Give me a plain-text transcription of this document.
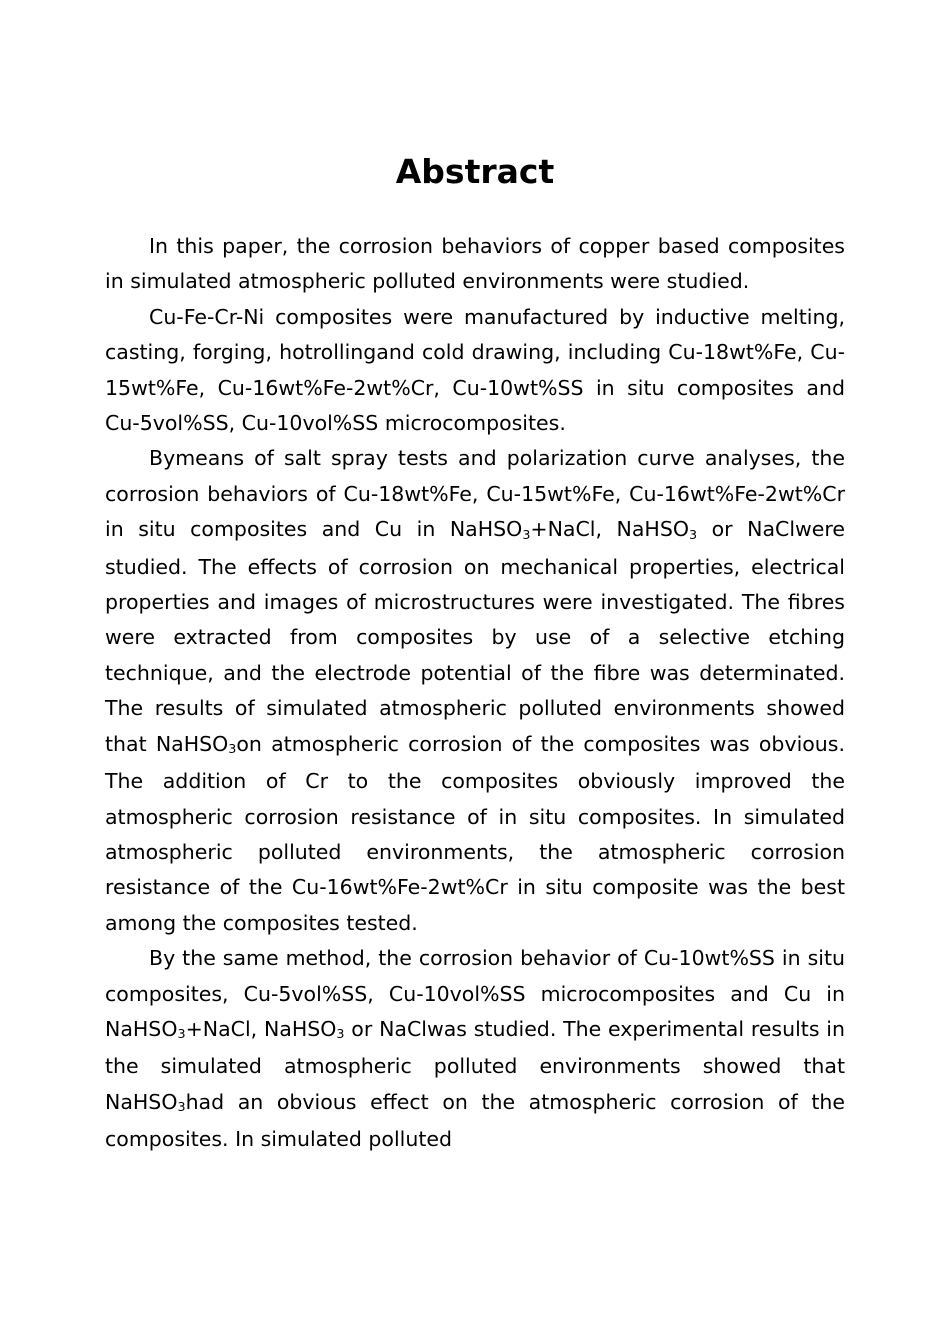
Abstract

In this paper, the corrosion behaviors of copper based composites in simulated atmospheric polluted environments were studied.

Cu-Fe-Cr-Ni composites were manufactured by inductive melting, casting, forging, hotrollingand cold drawing, including Cu-18wt%Fe, Cu-15wt%Fe, Cu-16wt%Fe-2wt%Cr, Cu-10wt%SS in situ composites and Cu-5vol%SS, Cu-10vol%SS microcomposites.

Bymeans of salt spray tests and polarization curve analyses, the corrosion behaviors of Cu-18wt%Fe, Cu-15wt%Fe, Cu-16wt%Fe-2wt%Cr in situ composites and Cu in NaHSO3+NaCl, NaHSO3 or NaClwere studied. The effects of corrosion on mechanical properties, electrical properties and images of microstructures were investigated. The fibres were extracted from composites by use of a selective etching technique, and the electrode potential of the fibre was determinated. The results of simulated atmospheric polluted environments showed that NaHSO3on atmospheric corrosion of the composites was obvious. The addition of Cr to the composites obviously improved the atmospheric corrosion resistance of in situ composites. In simulated atmospheric polluted environments, the atmospheric corrosion resistance of the Cu-16wt%Fe-2wt%Cr in situ composite was the best among the composites tested.

By the same method, the corrosion behavior of Cu-10wt%SS in situ composites, Cu-5vol%SS, Cu-10vol%SS microcomposites and Cu in NaHSO3+NaCl, NaHSO3 or NaClwas studied. The experimental results in the simulated atmospheric polluted environments showed that NaHSO3had an obvious effect on the atmospheric corrosion of the composites. In simulated polluted
